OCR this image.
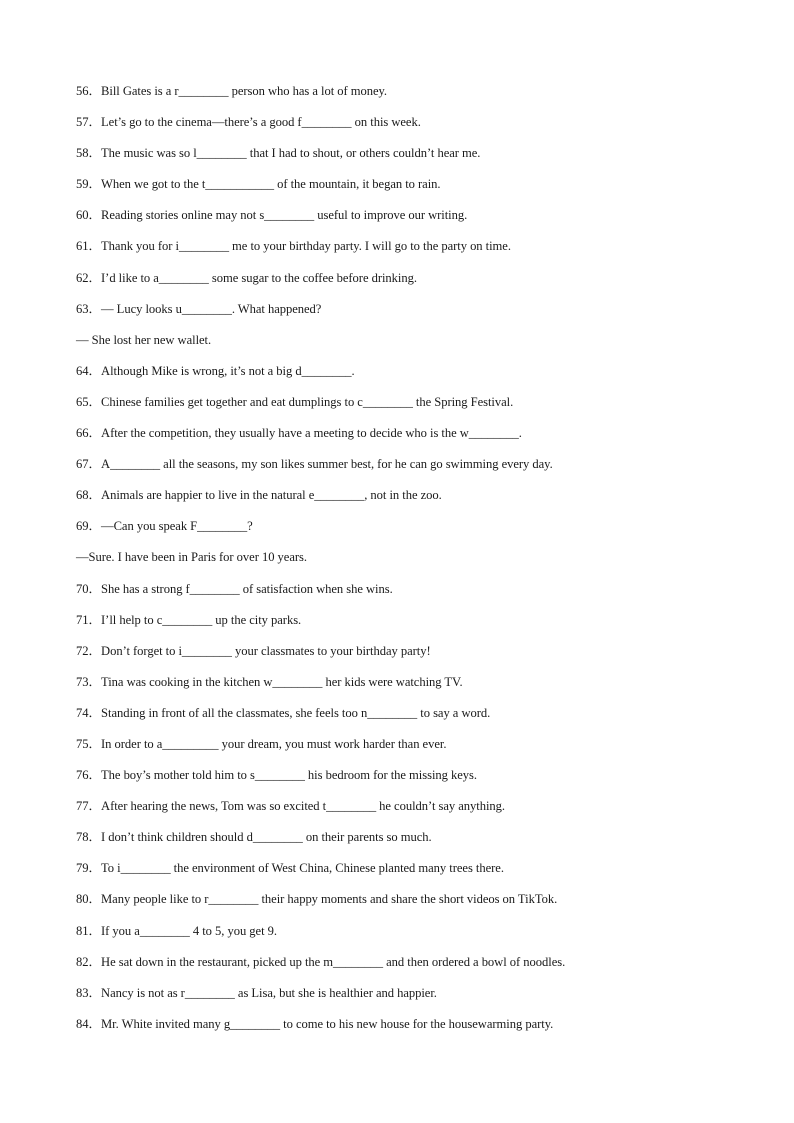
56．Bill Gates is a r________ person who has a lot of money.
57．Let’s go to the cinema—there’s a good f________ on this week.
58．The music was so l________ that I had to shout, or others couldn’t hear me.
59．When we got to the t___________ of the mountain, it began to rain.
60．Reading stories online may not s________ useful to improve our writing.
61．Thank you for i________ me to your birthday party. I will go to the party on time.
62．I’d like to a________ some sugar to the coffee before drinking.
63．— Lucy looks u________. What happened?
— She lost her new wallet.
64．Although Mike is wrong, it’s not a big d________.
65．Chinese families get together and eat dumplings to c________ the Spring Festival.
66．After the competition, they usually have a meeting to decide who is the w________.
67．A________ all the seasons, my son likes summer best, for he can go swimming every day.
68．Animals are happier to live in the natural e________, not in the zoo.
69．—Can you speak F________?
—Sure. I have been in Paris for over 10 years.
70．She has a strong f________ of satisfaction when she wins.
71．I’ll help to c________ up the city parks.
72．Don’t forget to i________ your classmates to your birthday party!
73．Tina was cooking in the kitchen w________ her kids were watching TV.
74．Standing in front of all the classmates, she feels too n________ to say a word.
75．In order to a_________ your dream, you must work harder than ever.
76．The boy’s mother told him to s________ his bedroom for the missing keys.
77．After hearing the news, Tom was so excited t________ he couldn’t say anything.
78．I don’t think children should d________ on their parents so much.
79．To i________ the environment of West China, Chinese planted many trees there.
80．Many people like to r________ their happy moments and share the short videos on TikTok.
81．If you a________ 4 to 5, you get 9.
82．He sat down in the restaurant, picked up the m________ and then ordered a bowl of noodles.
83．Nancy is not as r________ as Lisa, but she is healthier and happier.
84．Mr. White invited many g________ to come to his new house for the housewarming party.
